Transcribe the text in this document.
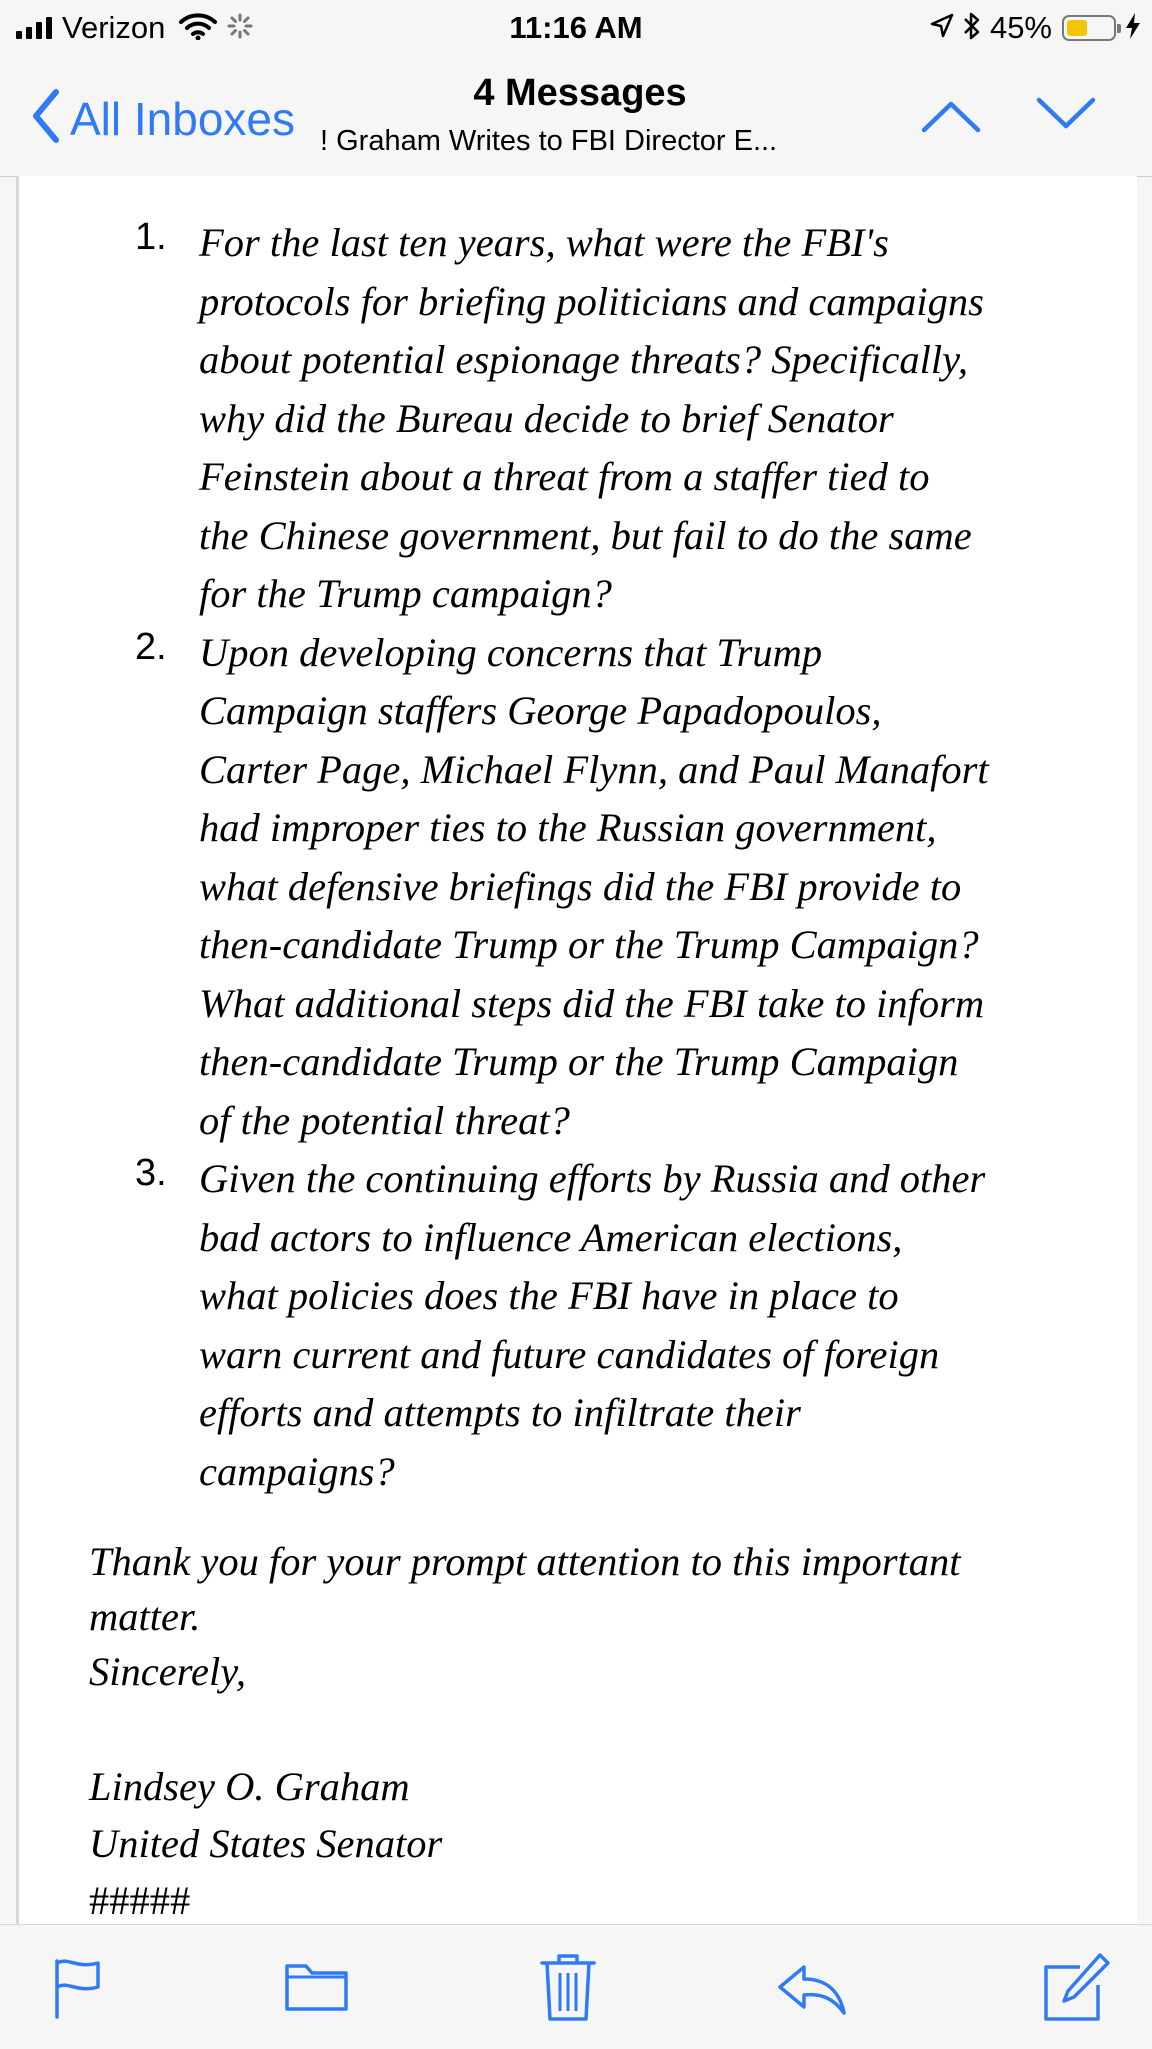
Verizon	11:16 AM	45%
All Inboxes	4 Messages
! Graham Writes to FBI Director E...
1. For the last ten years, what were the FBI's
protocols for briefing politicians and campaigns
about potential espionage threats? Specifically,
why did the Bureau decide to brief Senator
Feinstein about a threat from a staffer tied to
the Chinese government, but fail to do the same
for the Trump campaign?
2. Upon developing concerns that Trump
Campaign staffers George Papadopoulos,
Carter Page, Michael Flynn, and Paul Manafort
had improper ties to the Russian government,
what defensive briefings did the FBI provide to
then-candidate Trump or the Trump Campaign?
What additional steps did the FBI take to inform
then-candidate Trump or the Trump Campaign
of the potential threat?
3. Given the continuing efforts by Russia and other
bad actors to influence American elections,
what policies does the FBI have in place to
warn current and future candidates of foreign
efforts and attempts to infiltrate their
campaigns?
Thank you for your prompt attention to this important
matter.
Sincerely,
Lindsey O. Graham
United States Senator
#####
